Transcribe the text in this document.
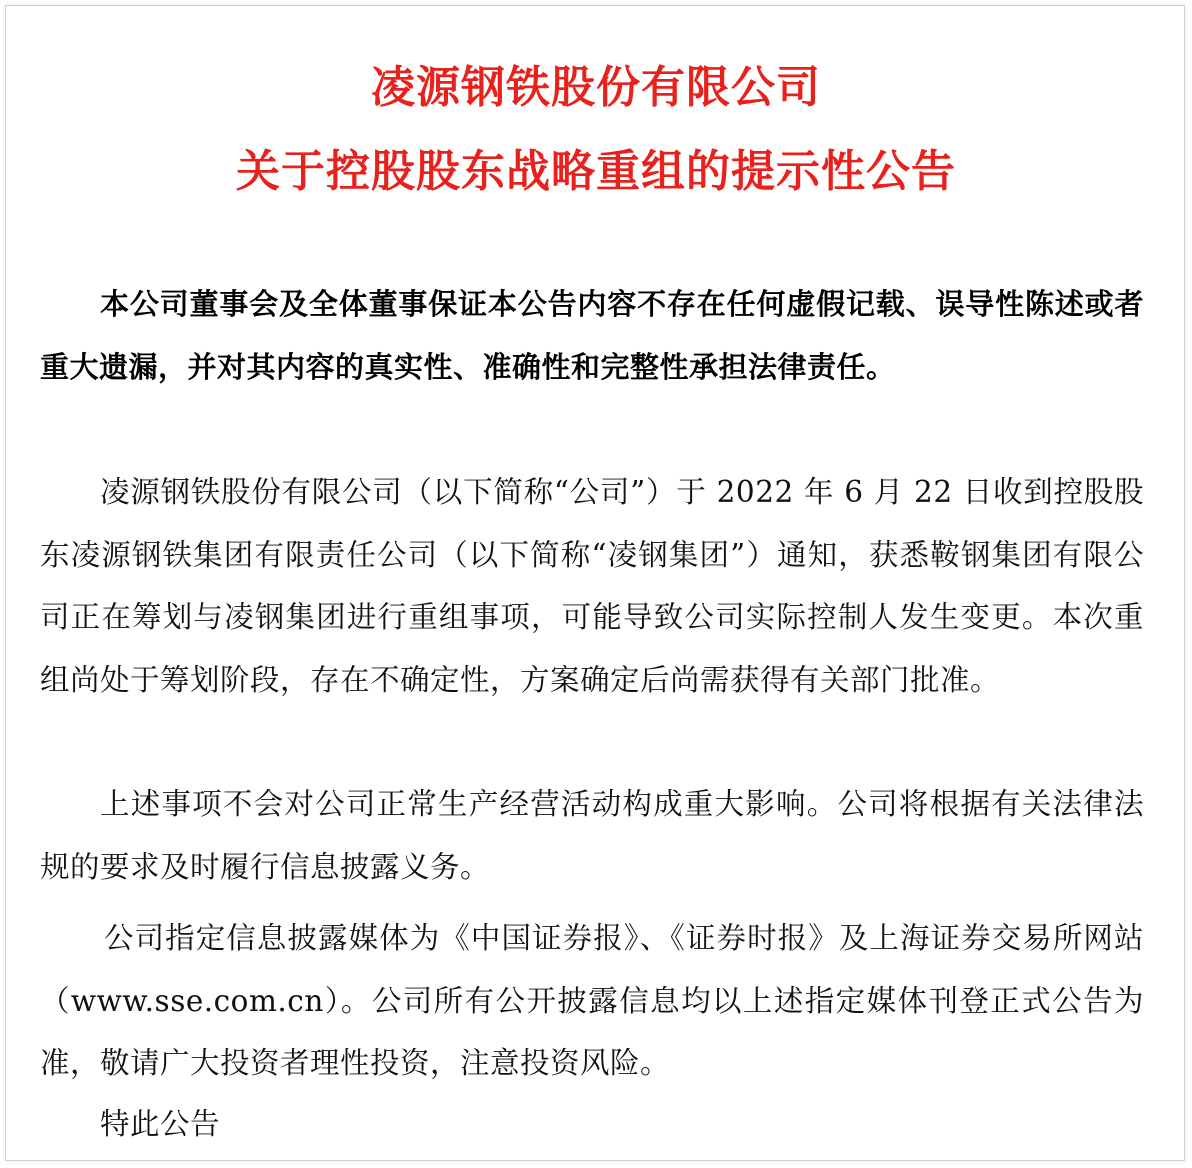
凌源钢铁股份有限公司
关于控股股东战略重组的提示性公告

本公司董事会及全体董事保证本公告内容不存在任何虚假记载、误导性陈述或者重大遗漏，并对其内容的真实性、准确性和完整性承担法律责任。

凌源钢铁股份有限公司（以下简称“公司”）于 2022 年 6 月 22 日收到控股股东凌源钢铁集团有限责任公司（以下简称“凌钢集团”）通知，获悉鞍钢集团有限公司正在筹划与凌钢集团进行重组事项，可能导致公司实际控制人发生变更。本次重组尚处于筹划阶段，存在不确定性，方案确定后尚需获得有关部门批准。

上述事项不会对公司正常生产经营活动构成重大影响。公司将根据有关法律法规的要求及时履行信息披露义务。

公司指定信息披露媒体为《中国证券报》、《证券时报》及上海证券交易所网站（www.sse.com.cn）。公司所有公开披露信息均以上述指定媒体刊登正式公告为准，敬请广大投资者理性投资，注意投资风险。

特此公告
